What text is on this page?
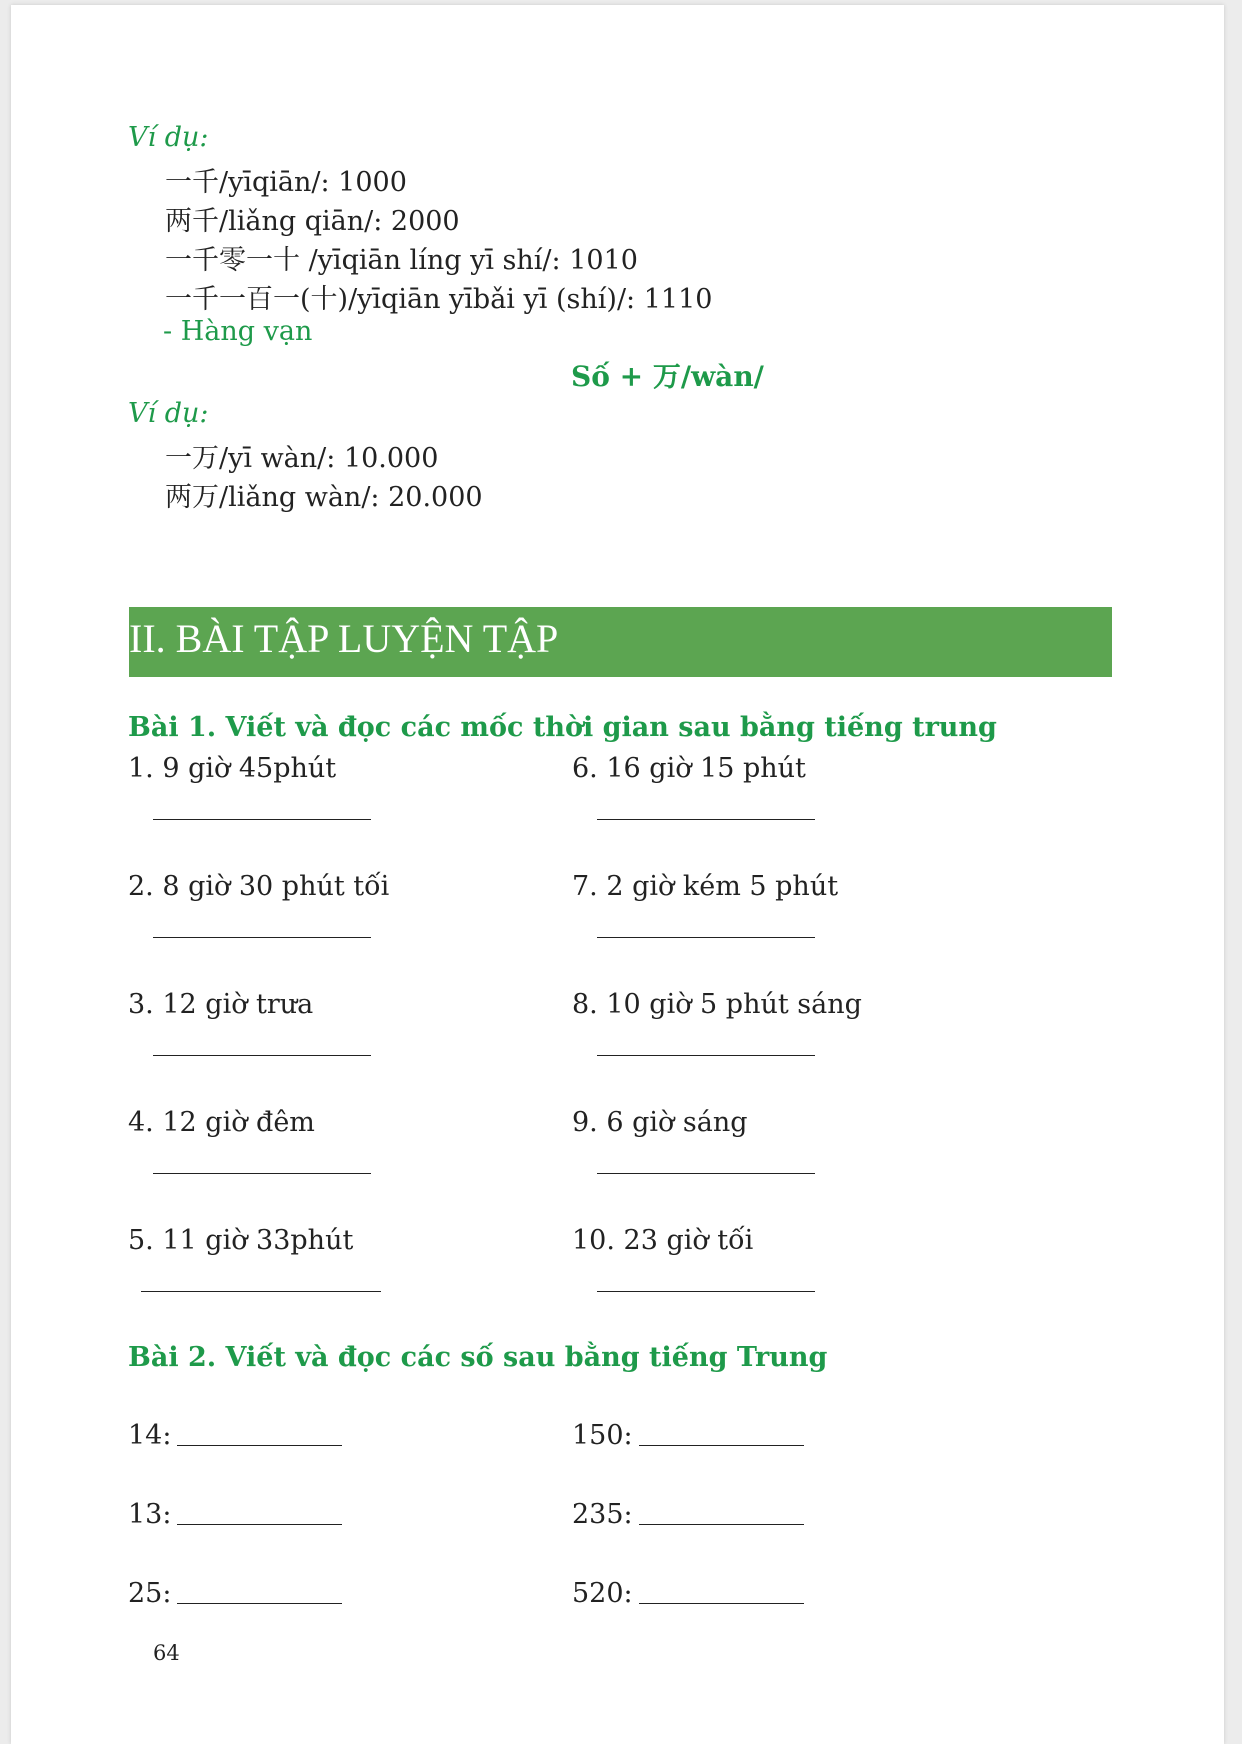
Ví dụ:
一千/yīqiān/: 1000
两千/liǎng qiān/: 2000
一千零一十 /yīqiān líng yī shí/: 1010
一千一百一(十)/yīqiān yībǎi yī (shí)/: 1110
- Hàng vạn
Số + 万/wàn/
Ví dụ:
一万/yī wàn/: 10.000
两万/liǎng wàn/: 20.000
II. BÀI TẬP LUYỆN TẬP
Bài 1. Viết và đọc các mốc thời gian sau bằng tiếng trung
1. 9 giờ 45phút
2. 8 giờ 30 phút tối
3. 12 giờ trưa
4. 12 giờ đêm
5. 11 giờ 33phút
6. 16 giờ 15 phút
7. 2 giờ kém 5 phút
8. 10 giờ 5 phút sáng
9. 6 giờ sáng
10. 23 giờ tối
Bài 2. Viết và đọc các số sau bằng tiếng Trung
14:
13:
25:
150:
235:
520:
64
